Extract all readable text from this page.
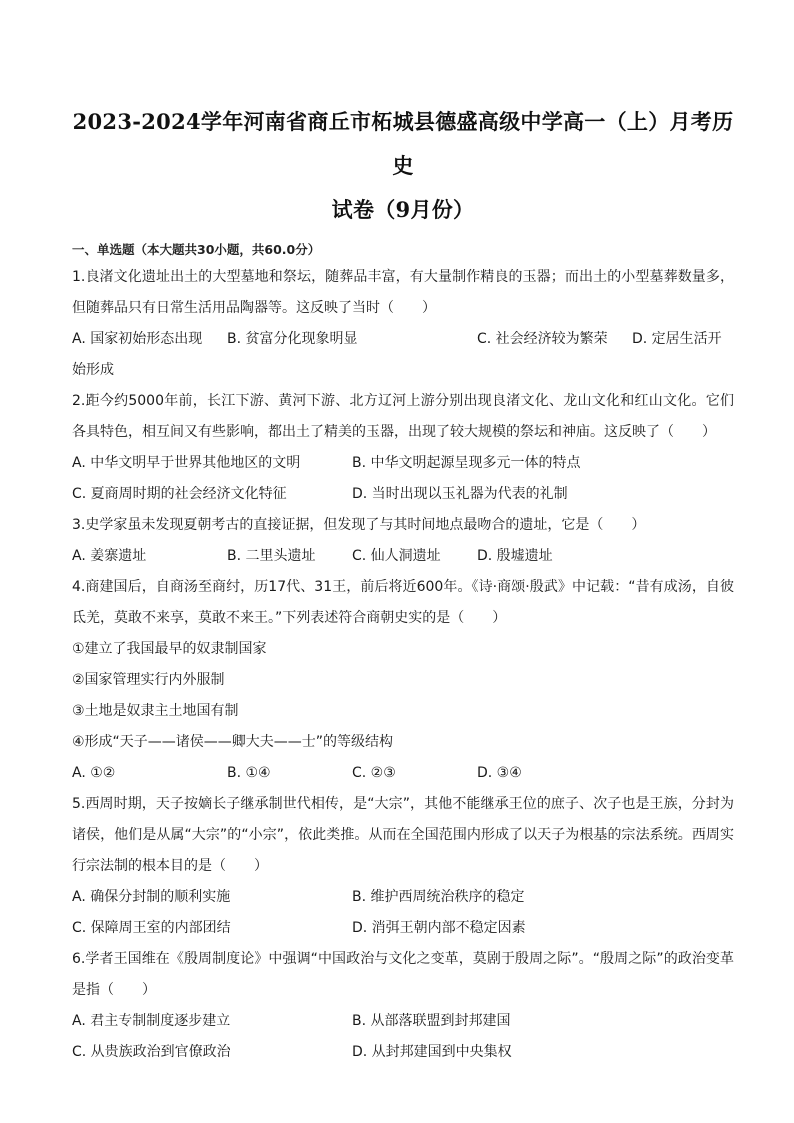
2023-2024学年河南省商丘市柘城县德盛高级中学高一（上）月考历史
试卷（9月份）
一、单选题（本大题共30小题，共60.0分）

1.良渚文化遗址出土的大型墓地和祭坛，随葬品丰富，有大量制作精良的玉器；而出土的小型墓葬数量多，但随葬品只有日常生活用品陶器等。这反映了当时（　　）

A. 国家初始形态出现 B. 贫富分化现象明显	C. 社会经济较为繁荣 D. 定居生活开

始形成

2.距今约5000年前，长江下游、黄河下游、北方辽河上游分别出现良渚文化、龙山文化和红山文化。它们各具特色，相互间又有些影响，都出土了精美的玉器，出现了较大规模的祭坛和神庙。这反映了（　　）

A. 中华文明早于世界其他地区的文明	B. 中华文明起源呈现多元一体的特点
C. 夏商周时期的社会经济文化特征	D. 当时出现以玉礼器为代表的礼制

3.史学家虽未发现夏朝考古的直接证据，但发现了与其时间地点最吻合的遗址，它是（　　）

A. 姜寨遗址	B. 二里头遗址	C. 仙人洞遗址	D. 殷墟遗址

4.商建国后，自商汤至商纣，历17代、31王，前后将近600年。《诗·商颂·殷武》中记载：“昔有成汤，自彼氐羌，莫敢不来享，莫敢不来王。”下列表述符合商朝史实的是（　　）

①建立了我国最早的奴隶制国家

②国家管理实行内外服制

③土地是奴隶主土地国有制

④形成“天子——诸侯——卿大夫——士”的等级结构

A. ①②	B. ①④	C. ②③	D. ③④

5.西周时期，天子按嫡长子继承制世代相传，是“大宗”，其他不能继承王位的庶子、次子也是王族，分封为诸侯，他们是从属“大宗”的“小宗”，依此类推。从而在全国范围内形成了以天子为根基的宗法系统。西周实行宗法制的根本目的是（　　）

A. 确保分封制的顺利实施	B. 维护西周统治秩序的稳定
C. 保障周王室的内部团结	D. 消弭王朝内部不稳定因素

6.学者王国维在《殷周制度论》中强调“中国政治与文化之变革，莫剧于殷周之际”。“殷周之际”的政治变革是指（　　）

A. 君主专制制度逐步建立	B. 从部落联盟到封邦建国
C. 从贵族政治到官僚政治	D. 从封邦建国到中央集权
